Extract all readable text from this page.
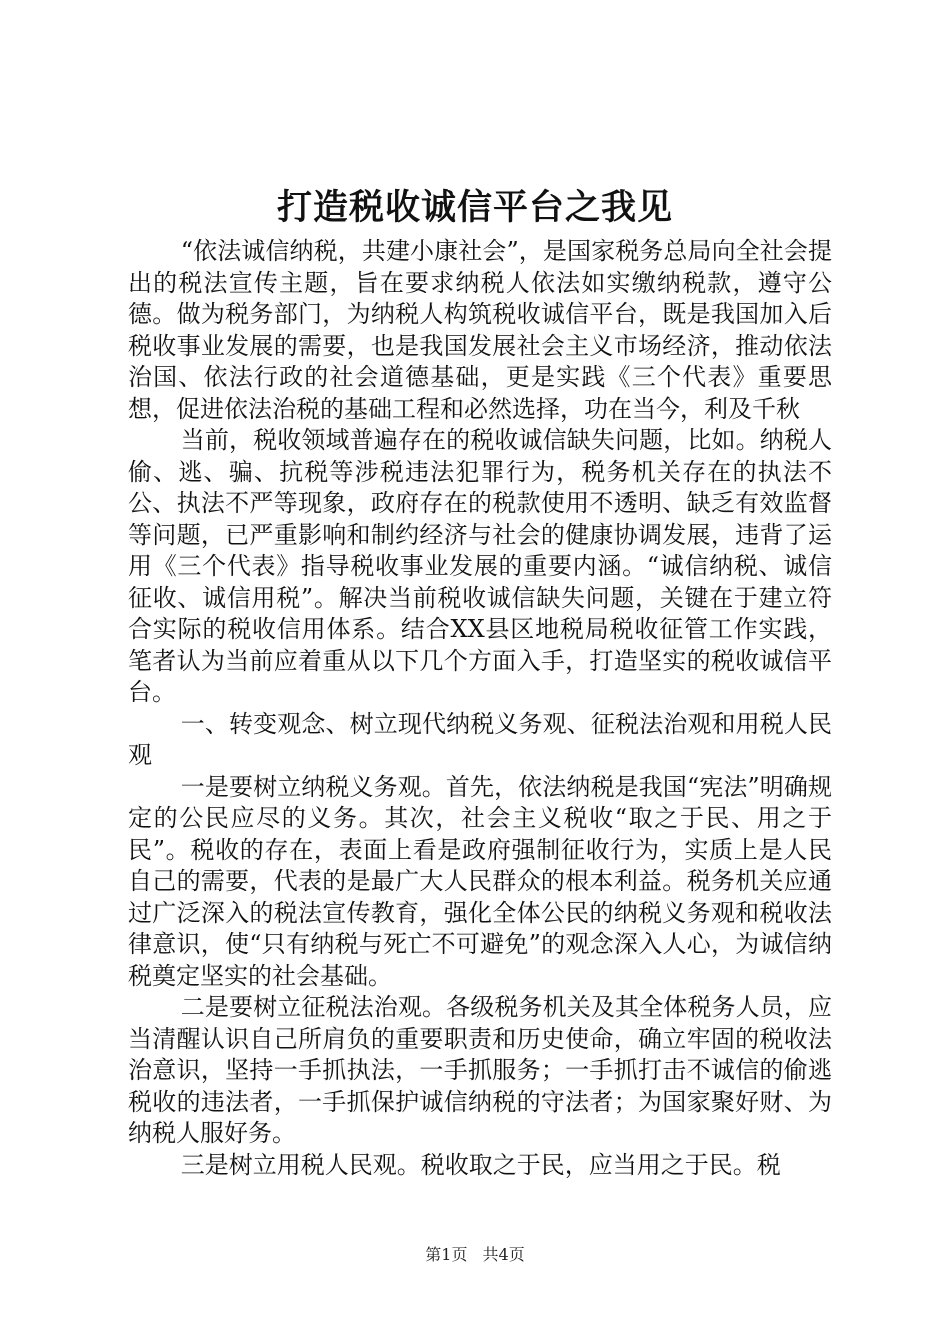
打造税收诚信平台之我见

“依法诚信纳税，共建小康社会”，是国家税务总局向全社会提出的税法宣传主题，旨在要求纳税人依法如实缴纳税款，遵守公德。做为税务部门，为纳税人构筑税收诚信平台，既是我国加入后税收事业发展的需要，也是我国发展社会主义市场经济，推动依法治国、依法行政的社会道德基础，更是实践《三个代表》重要思想，促进依法治税的基础工程和必然选择，功在当今，利及千秋

当前，税收领域普遍存在的税收诚信缺失问题，比如。纳税人偷、逃、骗、抗税等涉税违法犯罪行为，税务机关存在的执法不公、执法不严等现象，政府存在的税款使用不透明、缺乏有效监督等问题，已严重影响和制约经济与社会的健康协调发展，违背了运用《三个代表》指导税收事业发展的重要内涵。“诚信纳税、诚信征收、诚信用税”。解决当前税收诚信缺失问题，关键在于建立符合实际的税收信用体系。结合XX县区地税局税收征管工作实践，笔者认为当前应着重从以下几个方面入手，打造坚实的税收诚信平台。

一、转变观念、树立现代纳税义务观、征税法治观和用税人民观

一是要树立纳税义务观。首先，依法纳税是我国“宪法”明确规定的公民应尽的义务。其次，社会主义税收“取之于民、用之于民”。税收的存在，表面上看是政府强制征收行为，实质上是人民自己的需要，代表的是最广大人民群众的根本利益。税务机关应通过广泛深入的税法宣传教育，强化全体公民的纳税义务观和税收法律意识，使“只有纳税与死亡不可避免”的观念深入人心，为诚信纳税奠定坚实的社会基础。

二是要树立征税法治观。各级税务机关及其全体税务人员，应当清醒认识自己所肩负的重要职责和历史使命，确立牢固的税收法治意识，坚持一手抓执法，一手抓服务；一手抓打击不诚信的偷逃税收的违法者，一手抓保护诚信纳税的守法者；为国家聚好财、为纳税人服好务。

三是树立用税人民观。税收取之于民，应当用之于民。税

第1页 共4页
